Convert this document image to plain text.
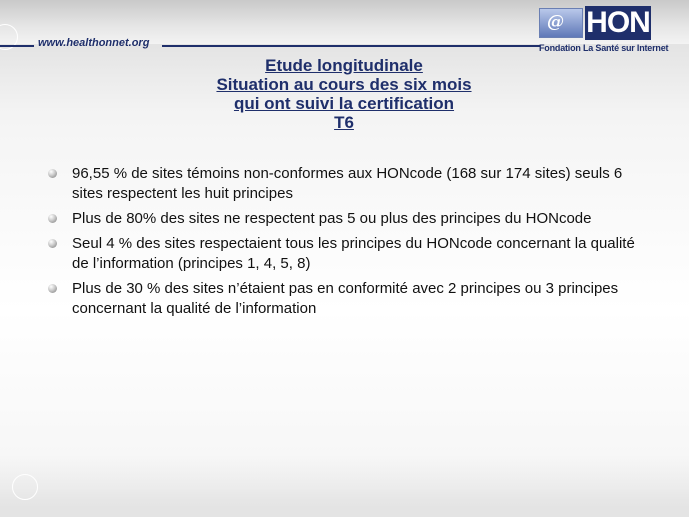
www.healthonnet.org
@ HON
Fondation La Santé sur Internet
Etude longitudinale
Situation au cours des six mois
qui ont suivi la certification
T6
96,55 % de sites témoins non-conformes aux HONcode (168 sur 174 sites) seuls 6 sites respectent les huit principes
Plus de 80% des sites ne respectent pas 5 ou plus des principes du HONcode
Seul 4 % des sites respectaient tous les principes du HONcode concernant la qualité de l’information (principes 1, 4, 5, 8)
Plus de 30 % des sites n’étaient pas en conformité avec 2 principes ou 3 principes concernant la qualité de l’information
